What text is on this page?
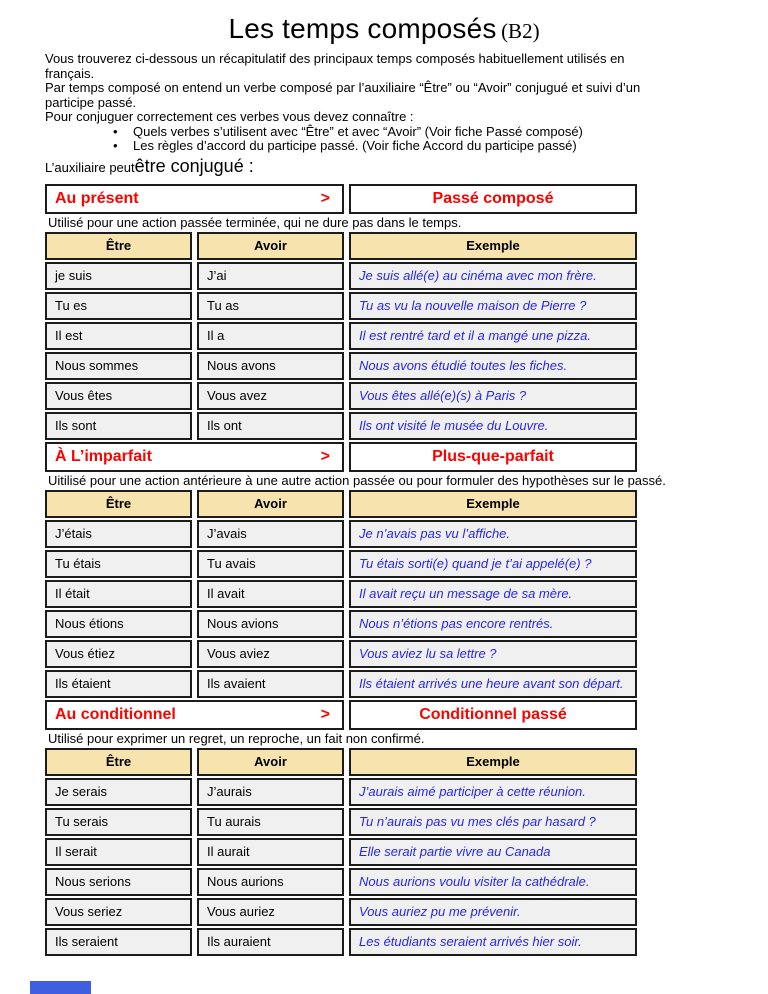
Les temps composés (B2)
Vous trouverez ci-dessous un récapitulatif des principaux temps composés habituellement utilisés en
français.
Par temps composé on entend un verbe composé par l’auxiliaire “Être” ou “Avoir” conjugué et suivi d’un
participe passé.
Pour conjuguer correctement ces verbes vous devez connaître :
•	Quels verbes s’utilisent avec “Être” et avec “Avoir” (Voir fiche Passé composé)
•	Les règles d’accord du participe passé. (Voir fiche Accord du participe passé)
L’auxiliaire peut être conjugué :
Au présent	>	Passé composé
Utilisé pour une action passée terminée, qui ne dure pas dans le temps.
Être	Avoir	Exemple
je suis	J’ai	Je suis allé(e) au cinéma avec mon frère.
Tu es	Tu as	Tu as vu la nouvelle maison de Pierre ?
Il est	Il a	Il est rentré tard et il a mangé une pizza.
Nous sommes	Nous avons	Nous avons étudié toutes les fiches.
Vous êtes	Vous avez	Vous êtes allé(e)(s) à Paris ?
Ils sont	Ils ont	Ils ont visité le musée du Louvre.
À L’imparfait	>	Plus-que-parfait
Uitilisé pour une action antérieure à une autre action passée ou pour formuler des hypothèses sur le passé.
Être	Avoir	Exemple
J’étais	J’avais	Je n’avais pas vu l’affiche.
Tu étais	Tu avais	Tu étais sorti(e) quand je t’ai appelé(e) ?
Il était	Il avait	Il avait reçu un message de sa mère.
Nous étions	Nous avions	Nous n’étions pas encore rentrés.
Vous étiez	Vous aviez	Vous aviez lu sa lettre ?
Ils étaient	Ils avaient	Ils étaient arrivés une heure avant son départ.
Au conditionnel	>	Conditionnel passé
Utilisé pour exprimer un regret, un reproche, un fait non confirmé.
Être	Avoir	Exemple
Je serais	J’aurais	J’aurais aimé participer à cette réunion.
Tu serais	Tu aurais	Tu n’aurais pas vu mes clés par hasard ?
Il serait	Il aurait	Elle serait partie vivre au Canada
Nous serions	Nous aurions	Nous aurions voulu visiter la cathédrale.
Vous seriez	Vous auriez	Vous auriez pu me prévenir.
Ils seraient	Ils auraient	Les étudiants seraient arrivés hier soir.
